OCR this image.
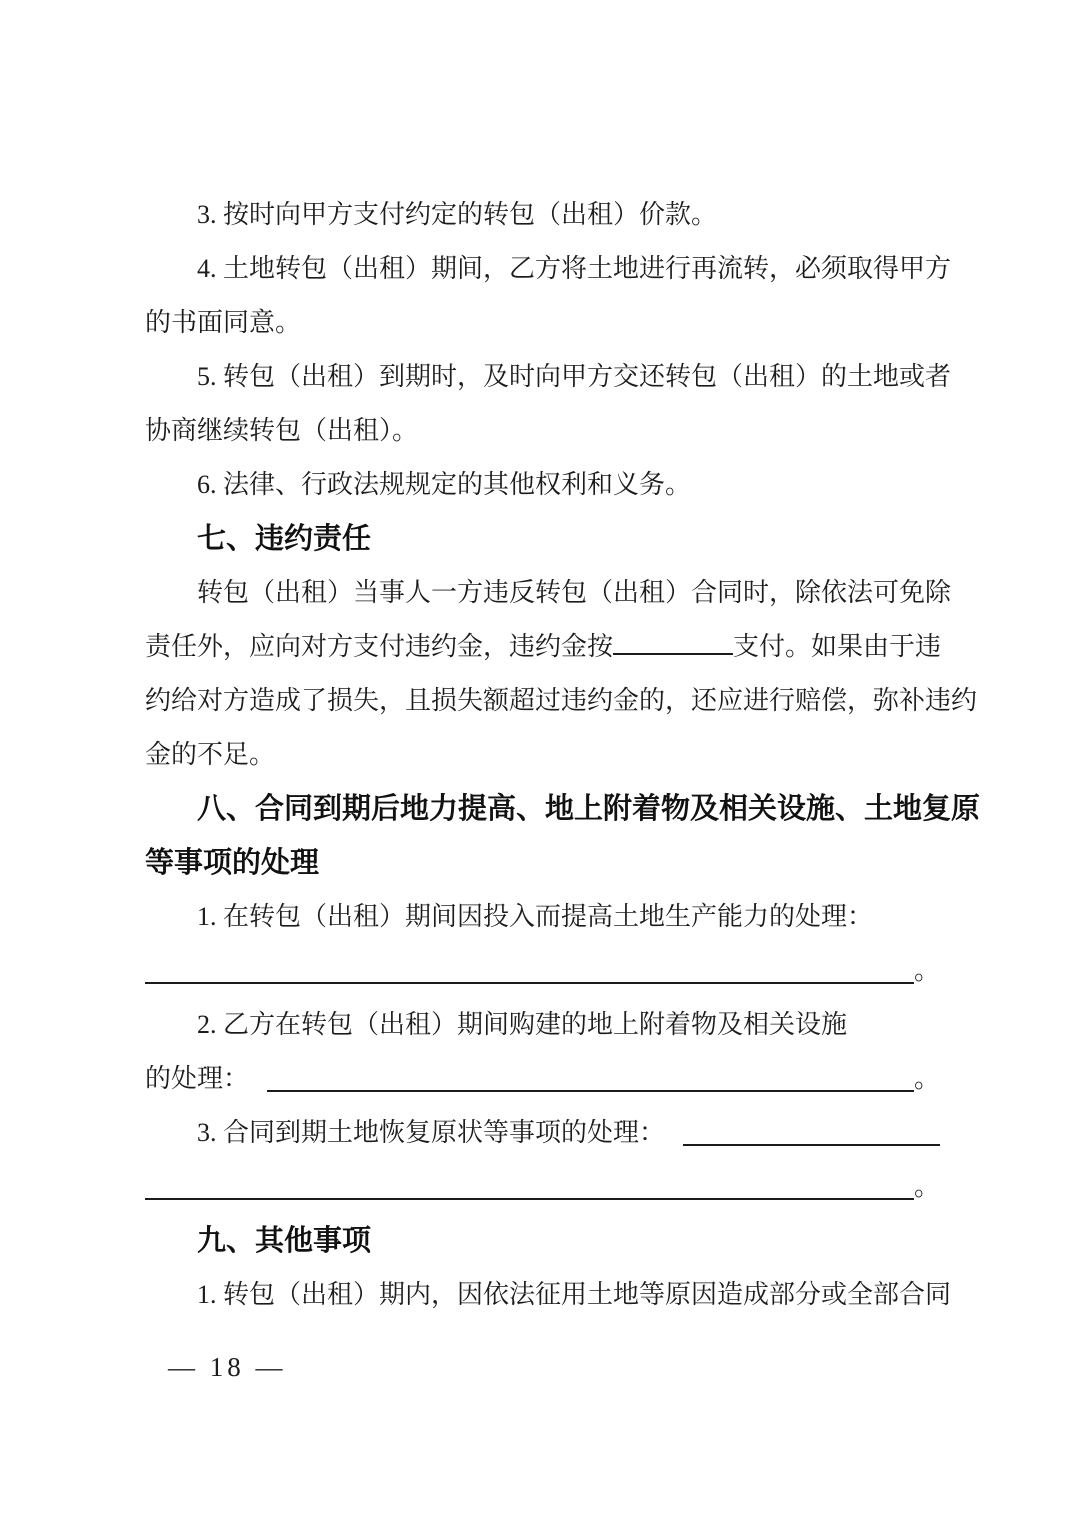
3. 按时向甲方支付约定的转包（出租）价款。
4. 土地转包（出租）期间，乙方将土地进行再流转，必须取得甲方
的书面同意。
5. 转包（出租）到期时，及时向甲方交还转包（出租）的土地或者
协商继续转包（出租）。
6. 法律、行政法规规定的其他权利和义务。
七、违约责任
转包（出租）当事人一方违反转包（出租）合同时，除依法可免除
责任外，应向对方支付违约金，违约金按	支付。如果由于违
约给对方造成了损失，且损失额超过违约金的，还应进行赔偿，弥补违约
金的不足。
八、合同到期后地力提高、地上附着物及相关设施、土地复原
等事项的处理
1. 在转包（出租）期间因投入而提高土地生产能力的处理：
。
2. 乙方在转包（出租）期间购建的地上附着物及相关设施
的处理：	。
3. 合同到期土地恢复原状等事项的处理：
。
九、其他事项
1. 转包（出租）期内，因依法征用土地等原因造成部分或全部合同
— 18 —
